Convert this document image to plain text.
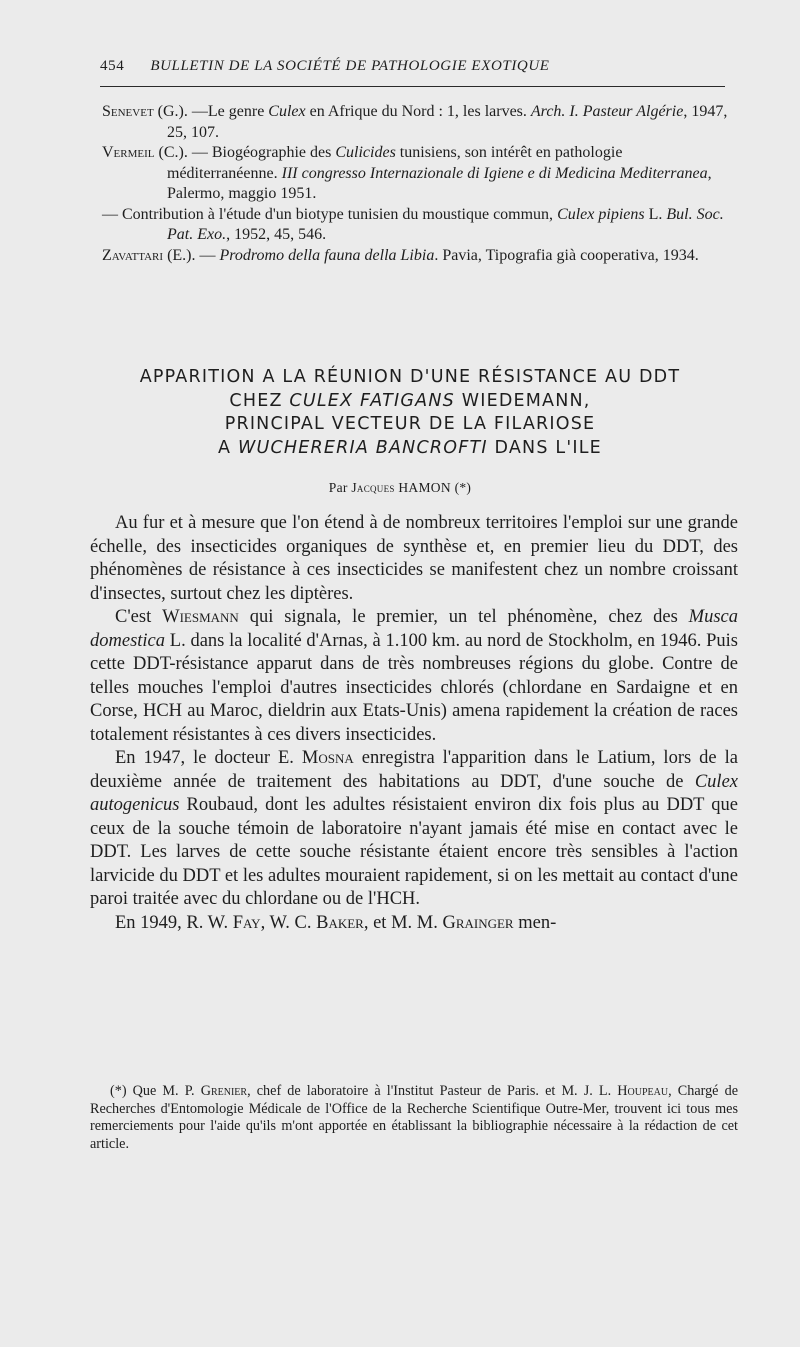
454 BULLETIN DE LA SOCIÉTÉ DE PATHOLOGIE EXOTIQUE

Senevet (G.). —Le genre Culex en Afrique du Nord : 1, les larves. Arch. I. Pasteur Algérie, 1947, 25, 107.

Vermeil (C.). — Biogéographie des Culicides tunisiens, son intérêt en pathologie méditerranéenne. III congresso Internazionale di Igiene e di Medicina Mediterranea, Palermo, maggio 1951.

— Contribution à l'étude d'un biotype tunisien du moustique commun, Culex pipiens L. Bul. Soc. Pat. Exo., 1952, 45, 546.

Zavattari (E.). — Prodromo della fauna della Libia. Pavia, Tipografia già cooperativa, 1934.

APPARITION A LA RÉUNION D'UNE RÉSISTANCE AU DDT
CHEZ CULEX FATIGANS WIEDEMANN,
PRINCIPAL VECTEUR DE LA FILARIOSE
A WUCHERERIA BANCROFTI DANS L'ILE
Par Jacques HAMON (*)

Au fur et à mesure que l'on étend à de nombreux territoires l'emploi sur une grande échelle, des insecticides organiques de synthèse et, en premier lieu du DDT, des phénomènes de résistance à ces insecticides se manifestent chez un nombre croissant d'insectes, surtout chez les diptères.

C'est Wiesmann qui signala, le premier, un tel phénomène, chez des Musca domestica L. dans la localité d'Arnas, à 1.100 km. au nord de Stockholm, en 1946. Puis cette DDT-résistance apparut dans de très nombreuses régions du globe. Contre de telles mouches l'emploi d'autres insecticides chlorés (chlordane en Sardaigne et en Corse, HCH au Maroc, dieldrin aux Etats-Unis) amena rapidement la création de races totalement résistantes à ces divers insecticides.

En 1947, le docteur E. Mosna enregistra l'apparition dans le Latium, lors de la deuxième année de traitement des habitations au DDT, d'une souche de Culex autogenicus Roubaud, dont les adultes résistaient environ dix fois plus au DDT que ceux de la souche témoin de laboratoire n'ayant jamais été mise en contact avec le DDT. Les larves de cette souche résistante étaient encore très sensibles à l'action larvicide du DDT et les adultes mouraient rapidement, si on les mettait au contact d'une paroi traitée avec du chlordane ou de l'HCH.

En 1949, R. W. Fay, W. C. Baker, et M. M. Grainger men-

(*) Que M. P. Grenier, chef de laboratoire à l'Institut Pasteur de Paris. et M. J. L. Houpeau, Chargé de Recherches d'Entomologie Médicale de l'Office de la Recherche Scientifique Outre-Mer, trouvent ici tous mes remerciements pour l'aide qu'ils m'ont apportée en établissant la bibliographie nécessaire à la rédaction de cet article.
